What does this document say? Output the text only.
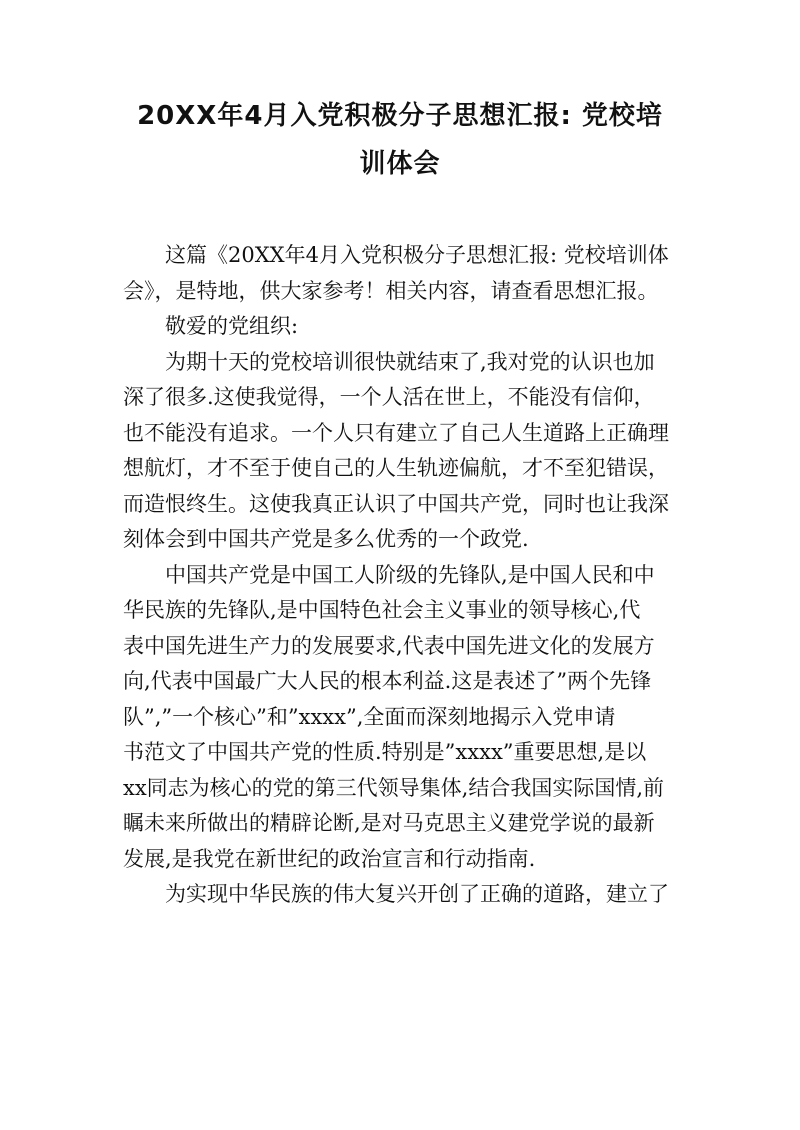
20XX年4月入党积极分子思想汇报: 党校培
训体会
这篇《20XX年4月入党积极分子思想汇报: 党校培训体
会》，是特地，供大家参考！相关内容，请查看思想汇报。
敬爱的党组织:
为期十天的党校培训很快就结束了,我对党的认识也加
深了很多.这使我觉得，一个人活在世上，不能没有信仰，
也不能没有追求。一个人只有建立了自己人生道路上正确理
想航灯，才不至于使自己的人生轨迹偏航，才不至犯错误，
而造恨终生。这使我真正认识了中国共产党，同时也让我深
刻体会到中国共产党是多么优秀的一个政党.
中国共产党是中国工人阶级的先锋队,是中国人民和中
华民族的先锋队,是中国特色社会主义事业的领导核心,代
表中国先进生产力的发展要求,代表中国先进文化的发展方
向,代表中国最广大人民的根本利益.这是表述了”两个先锋
队”,”一个核心”和”xxxx”,全面而深刻地揭示入党申请
书范文了中国共产党的性质.特别是”xxxx”重要思想,是以
xx同志为核心的党的第三代领导集体,结合我国实际国情,前
瞩未来所做出的精辟论断,是对马克思主义建党学说的最新
发展,是我党在新世纪的政治宣言和行动指南.
为实现中华民族的伟大复兴开创了正确的道路，建立了
